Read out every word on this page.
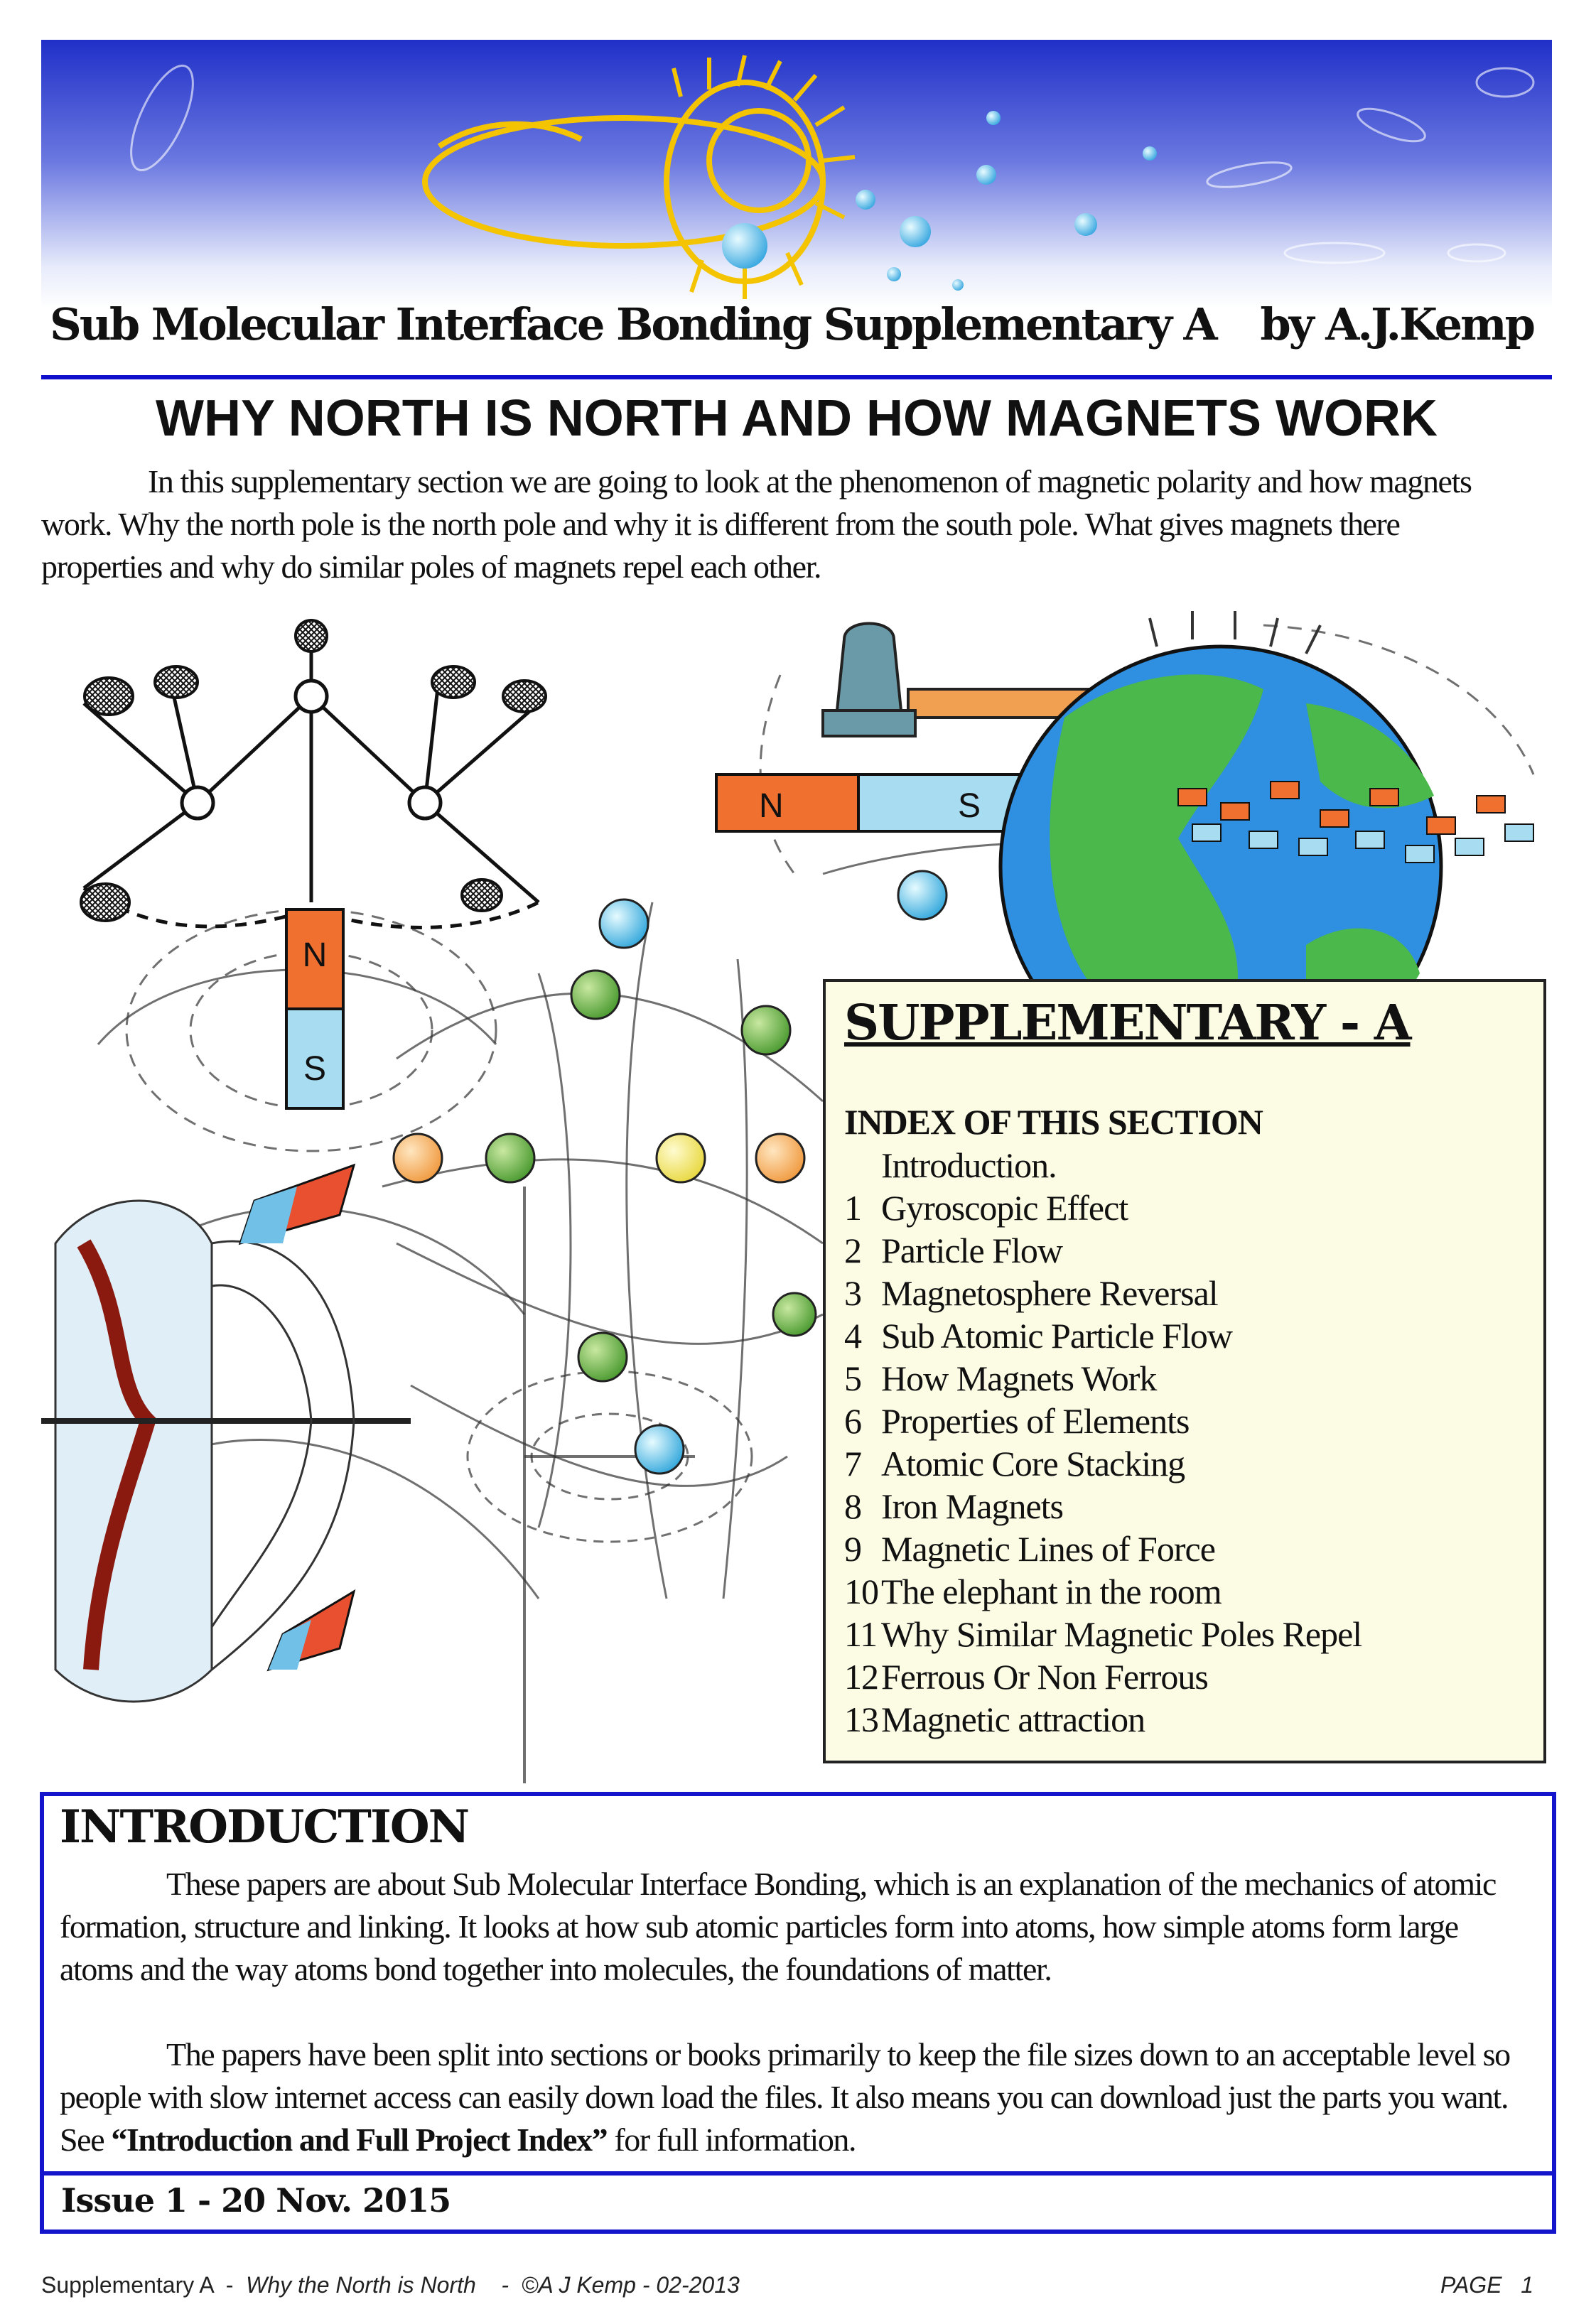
Sub Molecular Interface Bonding Supplementary A by A.J.Kemp
WHY NORTH IS NORTH AND HOW MAGNETS WORK

In this supplementary section we are going to look at the phenomenon of magnetic polarity and how magnets work. Why the north pole is the north pole and why it is different from the south pole. What gives magnets there properties and why do similar poles of magnets repel each other.

N
S
N	S
SUPPLEMENTARY - A
INDEX OF THIS SECTION
Introduction.
1 Gyroscopic Effect
2 Particle Flow
3 Magnetosphere Reversal
4 Sub Atomic Particle Flow
5 How Magnets Work
6 Properties of Elements
7 Atomic Core Stacking
8 Iron Magnets
9 Magnetic Lines of Force
10The elephant in the room
11 Why Similar Magnetic Poles Repel
12Ferrous Or Non Ferrous
13Magnetic attraction
INTRODUCTION

These papers are about Sub Molecular Interface Bonding, which is an explanation of the mechanics of atomic formation, structure and linking. It looks at how sub atomic particles form into atoms, how simple atoms form large atoms and the way atoms bond together into molecules, the foundations of matter.

The papers have been split into sections or books primarily to keep the file sizes down to an acceptable level so people with slow internet access can easily down load the files. It also means you can download just the parts you want. See “Introduction and Full Project Index” for full information.

Issue 1 - 20 Nov. 2015
Supplementary A  -  Why the North is North    -  ©A J Kemp - 02-2013	PAGE   1
